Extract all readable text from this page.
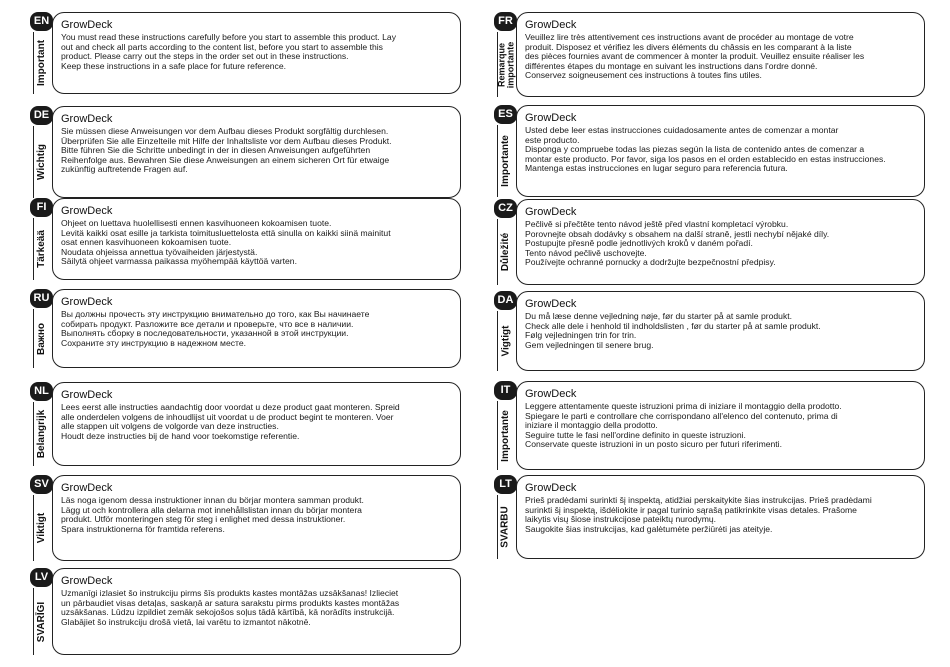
EN
Important
GrowDeck
You must read these instructions carefully before you start to assemble this product. Lay
out and check all parts according to the content list, before you start to assemble this
product. Please carry out the steps in the order set out in these instructions.
Keep these instructions in a safe place for future reference.
DE
Wichtig
GrowDeck
Sie müssen diese Anweisungen vor dem Aufbau dieses Produkt sorgfältig durchlesen.
Überprüfen Sie alle Einzelteile mit Hilfe der Inhaltsliste vor dem Aufbau dieses Produkt.
Bitte führen Sie die Schritte unbedingt in der in diesen Anweisungen aufgeführten
Reihenfolge aus. Bewahren Sie diese Anweisungen an einem sicheren Ort für etwaige
zukünftig auftretende Fragen auf.
FI
Tärkeää
GrowDeck
Ohjeet on luettava huolellisesti ennen kasvihuoneen kokoamisen tuote.
Levitä kaikki osat esille ja tarkista toimitusluettelosta että sinulla on kaikki siinä mainitut
osat ennen kasvihuoneen kokoamisen tuote.
Noudata ohjeissa annettua työvaiheiden järjestystä.
Säilytä ohjeet varmassa paikassa myöhempää käyttöä varten.
RU
Важно
GrowDeck
Вы должны прочесть эту инструкцию внимательно до того, как Вы начинаете
собирать продукт. Разложите все детали и проверьте, что все в наличии.
Выполнять сборку в последовательности, указанной в этой инструкции.
Сохраните эту инструкцию в надежном месте.
NL
Belangrijk
GrowDeck
Lees eerst alle instructies aandachtig door voordat u deze product gaat monteren. Spreid
alle onderdelen volgens de inhoudlijst uit voordat u de product begint te monteren. Voer
alle stappen uit volgens de volgorde van deze instructies.
Houdt deze instructies bij de hand voor toekomstige referentie.
SV
Viktigt
GrowDeck
Läs noga igenom dessa instruktioner innan du börjar montera samman produkt.
Lägg ut och kontrollera alla delarna mot innehållslistan innan du börjar montera
produkt. Utför monteringen steg för steg i enlighet med dessa instruktioner.
Spara instruktionerna för framtida referens.
LV
SVARĪGI
GrowDeck
Uzmanīgi izlasiet šo instrukciju pirms šīs produkts kastes montāžas uzsākšanas! Izlieciet
un pārbaudiet visas detaļas, saskaņā ar satura sarakstu pirms produkts kastes montāžas
uzsākšanas. Lūdzu izpildiet zemāk sekojošos soļus tādā kārtībā, kā norādīts instrukcijā.
Glabājiet šo instrukciju drošā vietā, lai varētu to izmantot nākotnē.
FR
Remarque importante
GrowDeck
Veuillez lire très attentivement ces instructions avant de procéder au montage de votre
produit. Disposez et vérifiez les divers éléments du châssis en les comparant à la liste
des pièces fournies avant de commencer à monter la produit. Veuillez ensuite réaliser les
différentes étapes du montage en suivant les instructions dans l'ordre donné.
Conservez soigneusement ces instructions à toutes fins utiles.
ES
Importante
GrowDeck
Usted debe leer estas instrucciones cuidadosamente antes de comenzar a montar
este producto.
Disponga y compruebe todas las piezas según la lista de contenido antes de comenzar a
montar este producto. Por favor, siga los pasos en el orden establecido en estas instrucciones.
Mantenga estas instrucciones en lugar seguro para referencia futura.
CZ
Důležité
GrowDeck
Pečlivě si přečtěte tento návod ještě před vlastní kompletací výrobku.
Porovnejte obsah dodávky s obsahem na další straně, jestli nechybí nějaké díly.
Postupujte přesně podle jednotlivých kroků v daném pořadí.
Tento návod pečlivě uschovejte.
Používejte ochranné pornucky a dodržujte bezpečnostní předpisy.
DA
Vigtigt
GrowDeck
Du må læse denne vejledning nøje, før du starter på at samle produkt.
Check alle dele i henhold til indholdslisten , før du starter på at samle produkt.
Følg vejledningen trin for trin.
Gem vejledningen til senere brug.
IT
Importante
GrowDeck
Leggere attentamente queste istruzioni prima di iniziare il montaggio della prodotto.
Spiegare le parti e controllare che corrispondano all'elenco del contenuto, prima di
iniziare il montaggio della prodotto.
Seguire tutte le fasi nell'ordine definito in queste istruzioni.
Conservate queste istruzioni in un posto sicuro per futuri riferimenti.
LT
SVARBU
GrowDeck
Prieš pradėdami surinkti šį inspektą, atidžiai perskaitykite šias instrukcijas. Prieš pradėdami
surinkti šį inspektą, išdėliokite ir pagal turinio sąrašą patikrinkite visas detales. Prašome
laikytis visų šiose instrukcijose pateiktų nurodymų.
Saugokite šias instrukcijas, kad galėtumėte peržiūrėti jas ateityje.
